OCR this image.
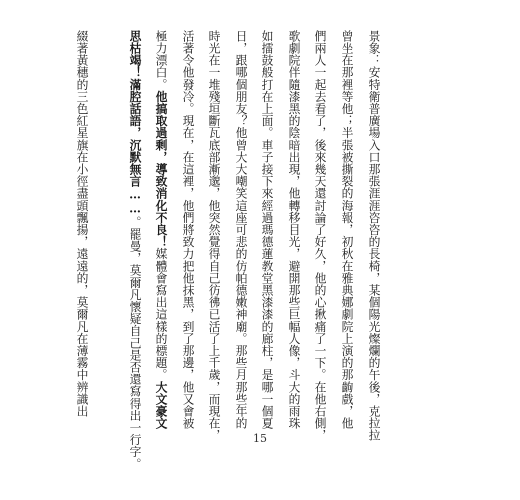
景象：安特衛普廣場入口那張涯涯咨咨的長椅，某個陽光燦爛的午後，克拉拉
曾坐在那裡等他；半張被撕裂的海報，初秋在雅典娜劇院上演的那齣戲，他
們兩人一起去看了，後來幾天還討論了好久，他的心揪痛了一下。在他右側，
歌劇院伴隨漆黑的陰暗出現，他轉移目光，避開那些巨幅人像，斗大的雨珠
如擂鼓般打在上面。車子接下來經過瑪德蓮教堂黑漆漆的廊柱，是哪一個夏
日，跟哪個朋友？他曾大大嘲笑這座可悲的仿帕德嫩神廟。那些月那些年的
時光在一堆殘垣斷瓦底部漸邈，他突然覺得自己彷彿已活了上千歲，而現在，
活著令他發冷。現在，在這裡，他們將致力把他抹黑，到了那邊，他又會被
極力漂白。他搞取過剩，導致消化不良！媒體會寫出這樣的標題。大文豪文
思枯竭！滿腔話語，沉默無言……。罷曼，莫爾凡懷疑自己是否還寫得出一行字。
綴著黃穗的三色紅星旗在小徑盡頭飄揚，遠遠的，莫爾凡在薄霧中辨識出
15
